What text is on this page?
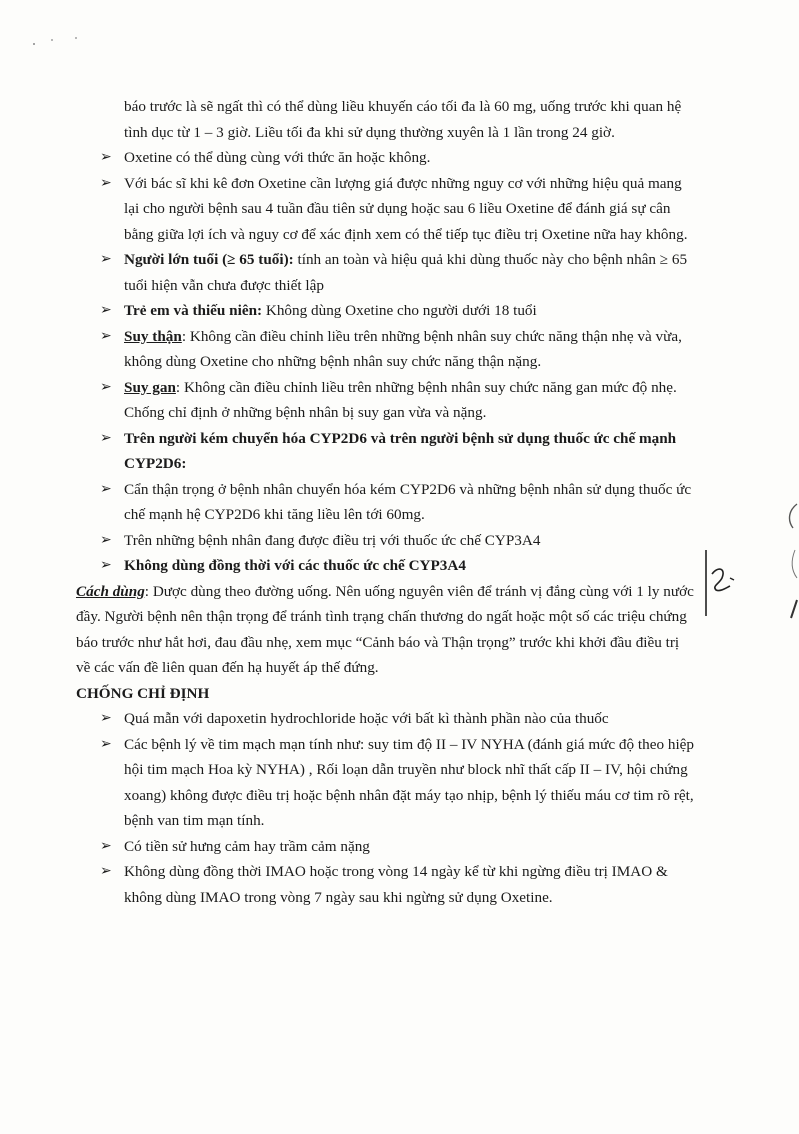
báo trước là sẽ ngất thì có thể dùng liều khuyến cáo tối đa là 60 mg, uống trước khi quan hệ
tình dục từ 1 – 3 giờ. Liều tối đa khi sử dụng thường xuyên là 1 lần trong 24 giờ.
➢ Oxetine có thể dùng cùng với thức ăn hoặc không.
➢ Với bác sĩ khi kê đơn Oxetine cần lượng giá được những nguy cơ với những hiệu quả mang
lại cho người bệnh sau 4 tuần đầu tiên sử dụng hoặc sau 6 liều Oxetine để đánh giá sự cân
bằng giữa lợi ích và nguy cơ để xác định xem có thể tiếp tục điều trị Oxetine nữa hay không.
➢ Người lớn tuổi (≥ 65 tuổi): tính an toàn và hiệu quả khi dùng thuốc này cho bệnh nhân ≥ 65
tuổi hiện vẫn chưa được thiết lập
➢ Trẻ em và thiếu niên: Không dùng Oxetine cho người dưới 18 tuổi
➢ Suy thận: Không cần điều chỉnh liều trên những bệnh nhân suy chức năng thận nhẹ và vừa,
không dùng Oxetine cho những bệnh nhân suy chức năng thận nặng.
➢ Suy gan: Không cần điều chỉnh liều trên những bệnh nhân suy chức năng gan mức độ nhẹ.
Chống chỉ định ở những bệnh nhân bị suy gan vừa và nặng.
➢ Trên người kém chuyển hóa CYP2D6 và trên người bệnh sử dụng thuốc ức chế mạnh
CYP2D6:
➢ Cẩn thận trọng ở bệnh nhân chuyển hóa kém CYP2D6 và những bệnh nhân sử dụng thuốc ức
chế mạnh hệ CYP2D6 khi tăng liều lên tới 60mg.
➢ Trên những bệnh nhân đang được điều trị với thuốc ức chế CYP3A4
➢ Không dùng đồng thời với các thuốc ức chế CYP3A4
Cách dùng: Dược dùng theo đường uống. Nên uống nguyên viên để tránh vị đắng cùng với 1 ly nước
đầy. Người bệnh nên thận trọng để tránh tình trạng chấn thương do ngất hoặc một số các triệu chứng
báo trước như hắt hơi, đau đầu nhẹ, xem mục “Cảnh báo và Thận trọng” trước khi khởi đầu điều trị
về các vấn đề liên quan đến hạ huyết áp thế đứng.
CHỐNG CHỈ ĐỊNH
➢ Quá mẫn với dapoxetin hydrochloride hoặc với bất kì thành phần nào của thuốc
➢ Các bệnh lý về tim mạch mạn tính như: suy tim độ II – IV NYHA (đánh giá mức độ theo hiệp
hội tim mạch Hoa kỳ NYHA) , Rối loạn dẫn truyền như block nhĩ thất cấp II – IV, hội chứng
xoang) không được điều trị hoặc bệnh nhân đặt máy tạo nhịp, bệnh lý thiếu máu cơ tim rõ rệt,
bệnh van tim mạn tính.
➢ Có tiền sử hưng cảm hay trầm cảm nặng
➢ Không dùng đồng thời IMAO hoặc trong vòng 14 ngày kể từ khi ngừng điều trị IMAO &
không dùng IMAO trong vòng 7 ngày sau khi ngừng sử dụng Oxetine.
